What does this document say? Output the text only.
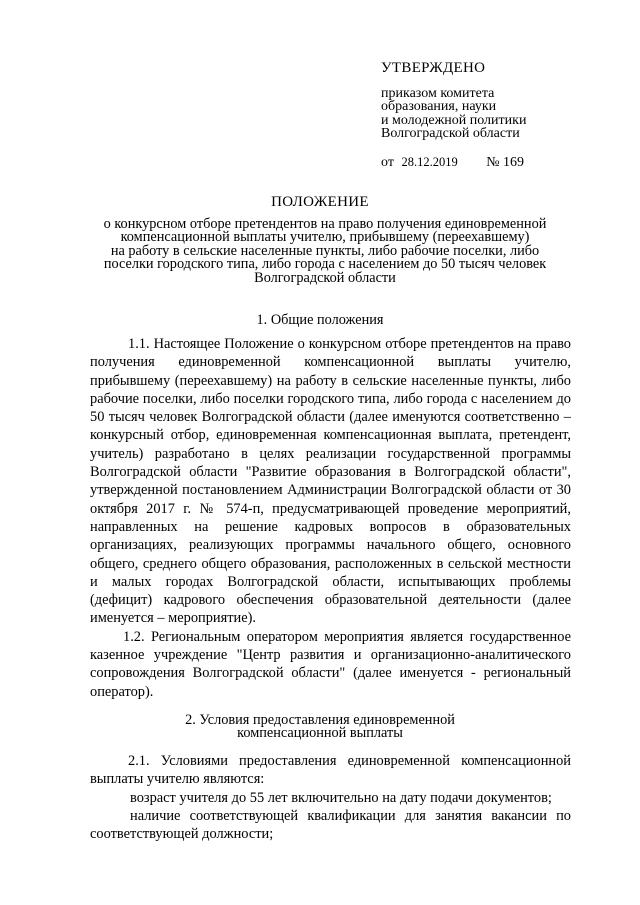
УТВЕРЖДЕНО
приказом комитета
образования, науки
и молодежной политики
Волгоградской области
от 28.12.2019 № 169
ПОЛОЖЕНИЕ
о конкурсном отборе претендентов на право получения единовременной
компенсационной выплаты учителю, прибывшему (переехавшему)
на работу в сельские населенные пункты, либо рабочие поселки, либо
поселки городского типа, либо города с населением до 50 тысяч человек
Волгоградской области
1. Общие положения

1.1. Настоящее Положение о конкурсном отборе претендентов на право получения единовременной компенсационной выплаты учителю, прибывшему (переехавшему) на работу в сельские населенные пункты, либо рабочие поселки, либо поселки городского типа, либо города с населением до 50 тысяч человек Волгоградской области (далее именуются соответственно – конкурсный отбор, единовременная компенсационная выплата, претендент, учитель) разработано в целях реализации государственной программы Волгоградской области "Развитие образования в Волгоградской области", утвержденной постановлением Администрации Волгоградской области от 30 октября 2017 г. № 574-п, предусматривающей проведение мероприятий, направленных на решение кадровых вопросов в образовательных организациях, реализующих программы начального общего, основного общего, среднего общего образования, расположенных в сельской местности и малых городах Волгоградской области, испытывающих проблемы (дефицит) кадрового обеспечения образовательной деятельности (далее именуется – мероприятие).

1.2. Региональным оператором мероприятия является государственное казенное учреждение "Центр развития и организационно-аналитического сопровождения Волгоградской области" (далее именуется - региональный оператор).

2. Условия предоставления единовременной
компенсационной выплаты

2.1. Условиями предоставления единовременной компенсационной выплаты учителю являются:

возраст учителя до 55 лет включительно на дату подачи документов;

наличие соответствующей квалификации для занятия вакансии по соответствующей должности;
